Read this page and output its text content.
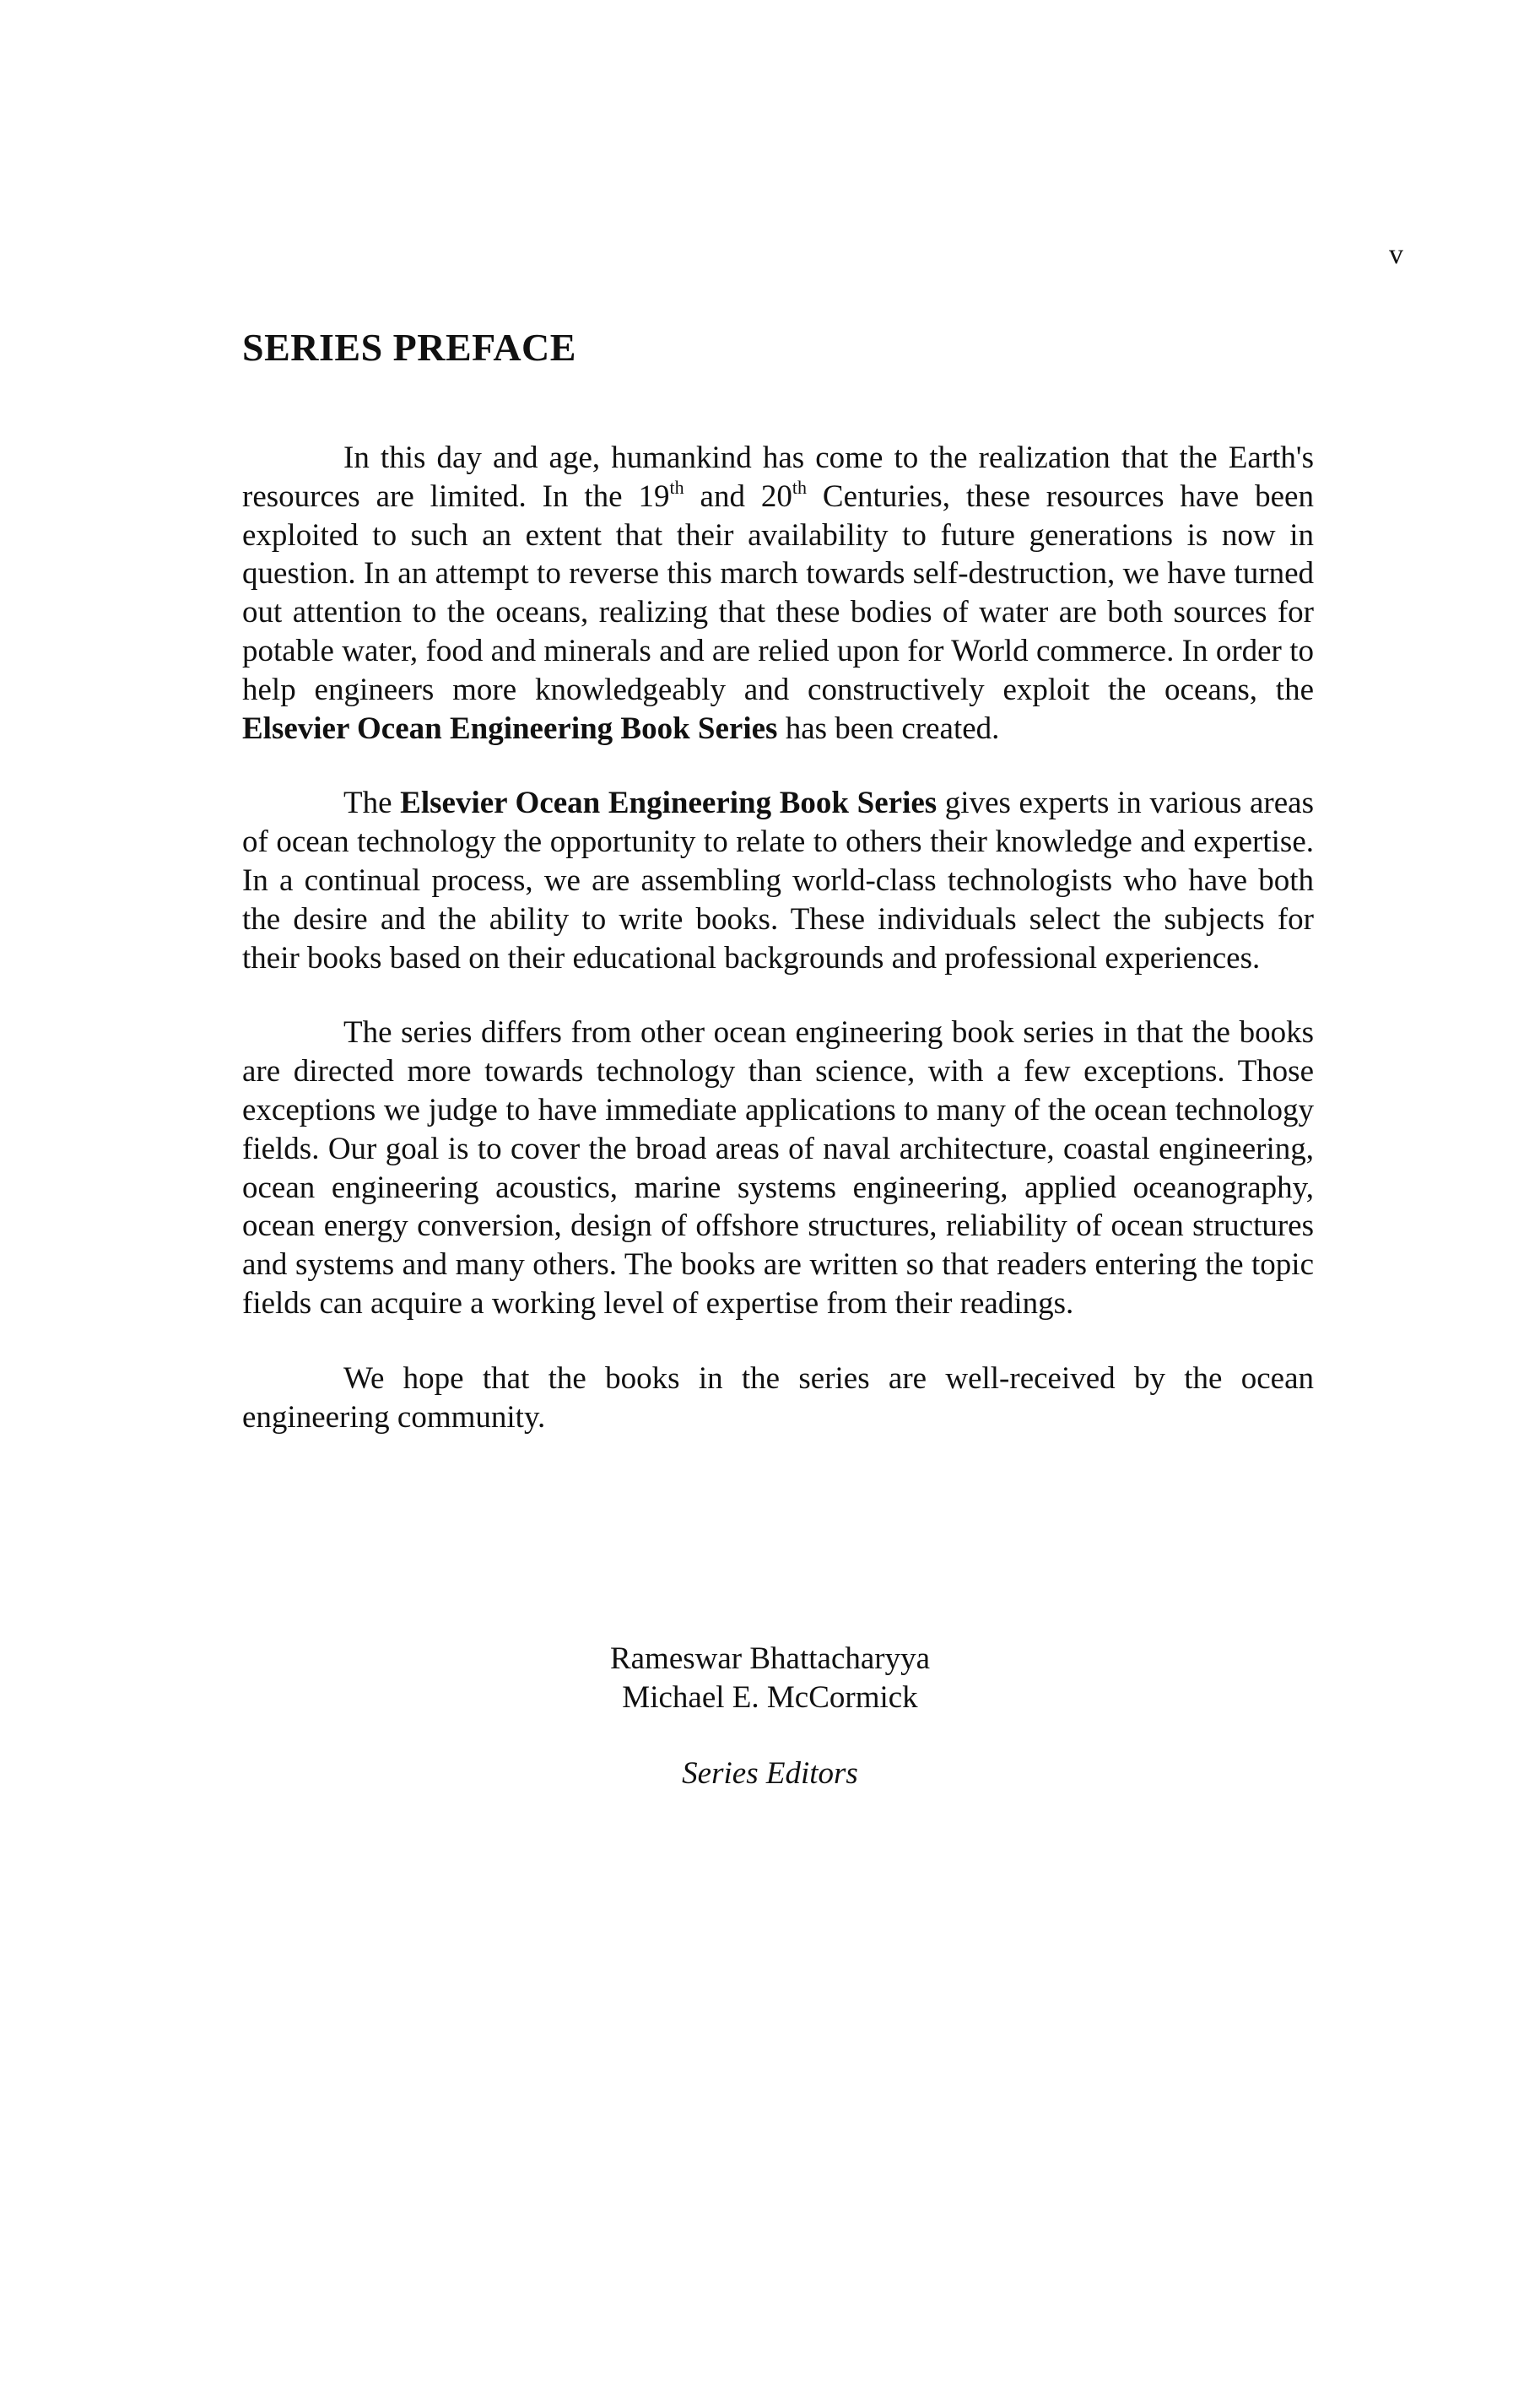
v
SERIES PREFACE

In this day and age, humankind has come to the realization that the Earth's resources are limited. In the 19th and 20th Centuries, these resources have been exploited to such an extent that their availability to future generations is now in question. In an attempt to reverse this march towards self-destruction, we have turned out attention to the oceans, realizing that these bodies of water are both sources for potable water, food and minerals and are relied upon for World commerce. In order to help engineers more knowledgeably and constructively exploit the oceans, the Elsevier Ocean Engineering Book Series has been created.

The Elsevier Ocean Engineering Book Series gives experts in various areas of ocean technology the opportunity to relate to others their knowledge and expertise. In a continual process, we are assembling world-class technologists who have both the desire and the ability to write books. These individuals select the subjects for their books based on their educational backgrounds and professional experiences.

The series differs from other ocean engineering book series in that the books are directed more towards technology than science, with a few exceptions. Those exceptions we judge to have immediate applications to many of the ocean technology fields. Our goal is to cover the broad areas of naval architecture, coastal engineering, ocean engineering acoustics, marine systems engineering, applied oceanography, ocean energy conversion, design of offshore structures, reliability of ocean structures and systems and many others. The books are written so that readers entering the topic fields can acquire a working level of expertise from their readings.

We hope that the books in the series are well-received by the ocean engineering community.

Rameswar Bhattacharyya
Michael E. McCormick
Series Editors
